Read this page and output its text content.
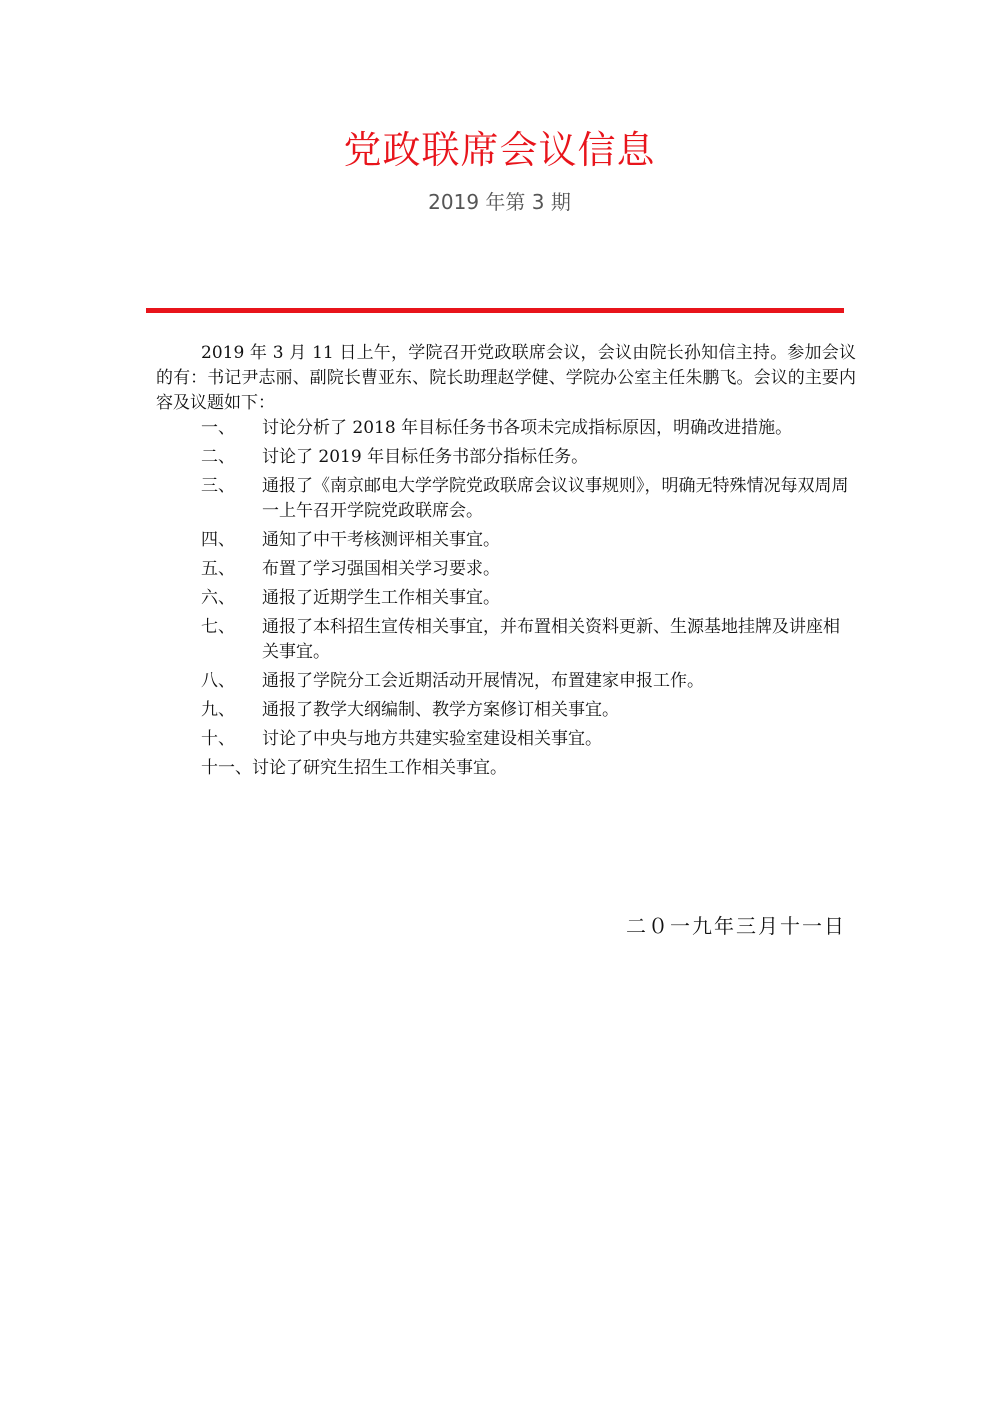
党政联席会议信息
2019 年第 3 期

2019 年 3 月 11 日上午，学院召开党政联席会议，会议由院长孙知信主持。参加会议的有：书记尹志丽、副院长曹亚东、院长助理赵学健、学院办公室主任朱鹏飞。会议的主要内容及议题如下：

一、	讨论分析了 2018 年目标任务书各项未完成指标原因，明确改进措施。
二、	讨论了 2019 年目标任务书部分指标任务。
三、	通报了《南京邮电大学学院党政联席会议议事规则》，明确无特殊情况每双周周一上午召开学院党政联席会。
四、	通知了中干考核测评相关事宜。
五、	布置了学习强国相关学习要求。
六、	通报了近期学生工作相关事宜。
七、	通报了本科招生宣传相关事宜，并布置相关资料更新、生源基地挂牌及讲座相关事宜。
八、	通报了学院分工会近期活动开展情况，布置建家申报工作。
九、	通报了教学大纲编制、教学方案修订相关事宜。
十、	讨论了中央与地方共建实验室建设相关事宜。
十一、 讨论了研究生招生工作相关事宜。
二０一九年三月十一日
